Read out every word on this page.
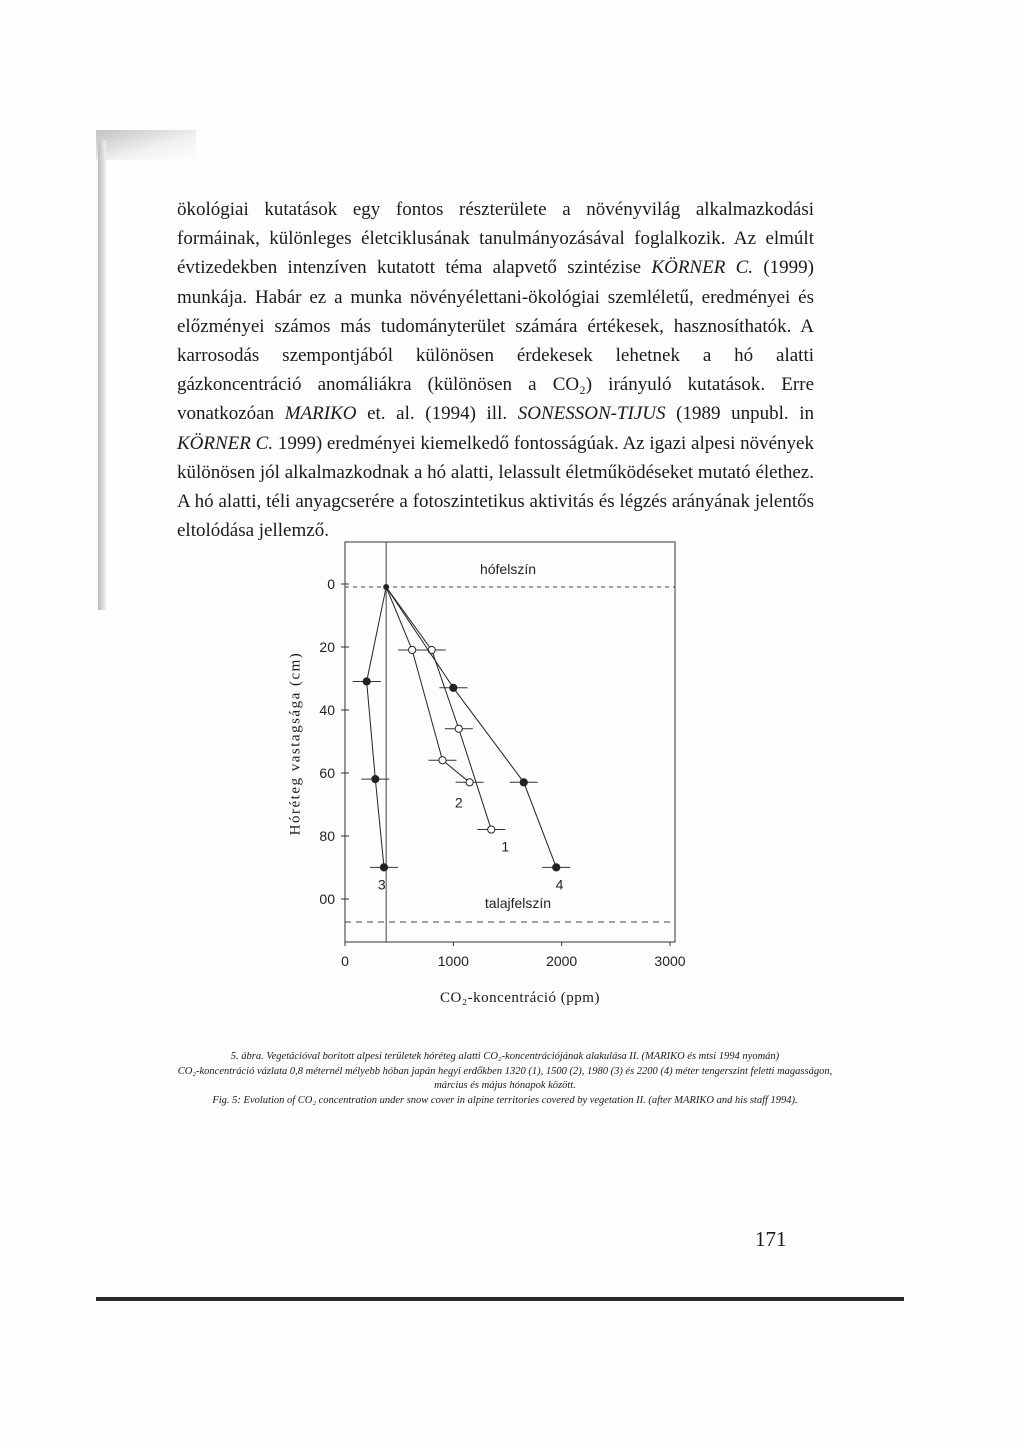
ökológiai kutatások egy fontos részterülete a növényvilág alkalmazkodási formáinak, különleges életciklusának tanulmányozásával foglalkozik. Az elmúlt évtizedekben intenzíven kutatott téma alapvető szintézise KÖRNER C. (1999) munkája. Habár ez a munka növényélettani-ökológiai szemléletű, eredményei és előzményei számos más tudományterület számára értékesek, hasznosíthatók. A karrosodás szempontjából különösen érdekesek lehetnek a hó alatti gázkoncentráció anomáliákra (különösen a CO₂) irányuló kutatások. Erre vonatkozóan MARIKO et. al. (1994) ill. SONESSON-TIJUS (1989 unpubl. in KÖRNER C. 1999) eredményei kiemelkedő fontosságúak. Az igazi alpesi növények különösen jól alkalmazkodnak a hó alatti, lelassult életműködéseket mutató élethez. A hó alatti, téli anyagcserére a fotoszintetikus aktivitás és légzés arányának jelentős eltolódása jellemző.

0
20
40
60
80
00
0	1000	2000	3000
hófelszín
talajfelszín
1
2
3	4
Hóréteg vastagsága (cm)
CO₂-koncentráció (ppm)

5. ábra. Vegetációval borított alpesi területek hóréteg alatti CO₂-koncentrációjának alakulása II. (MARIKO és mtsi 1994 nyomán)

CO₂-koncentráció vázlata 0,8 méternél mélyebb hóban japán hegyi erdőkben 1320 (1), 1500 (2), 1980 (3) és 2200 (4) méter tengerszint feletti magasságon, március és május hónapok között.

Fig. 5: Evolution of CO₂ concentration under snow cover in alpine territories covered by vegetation II. (after MARIKO and his staff 1994).

171
